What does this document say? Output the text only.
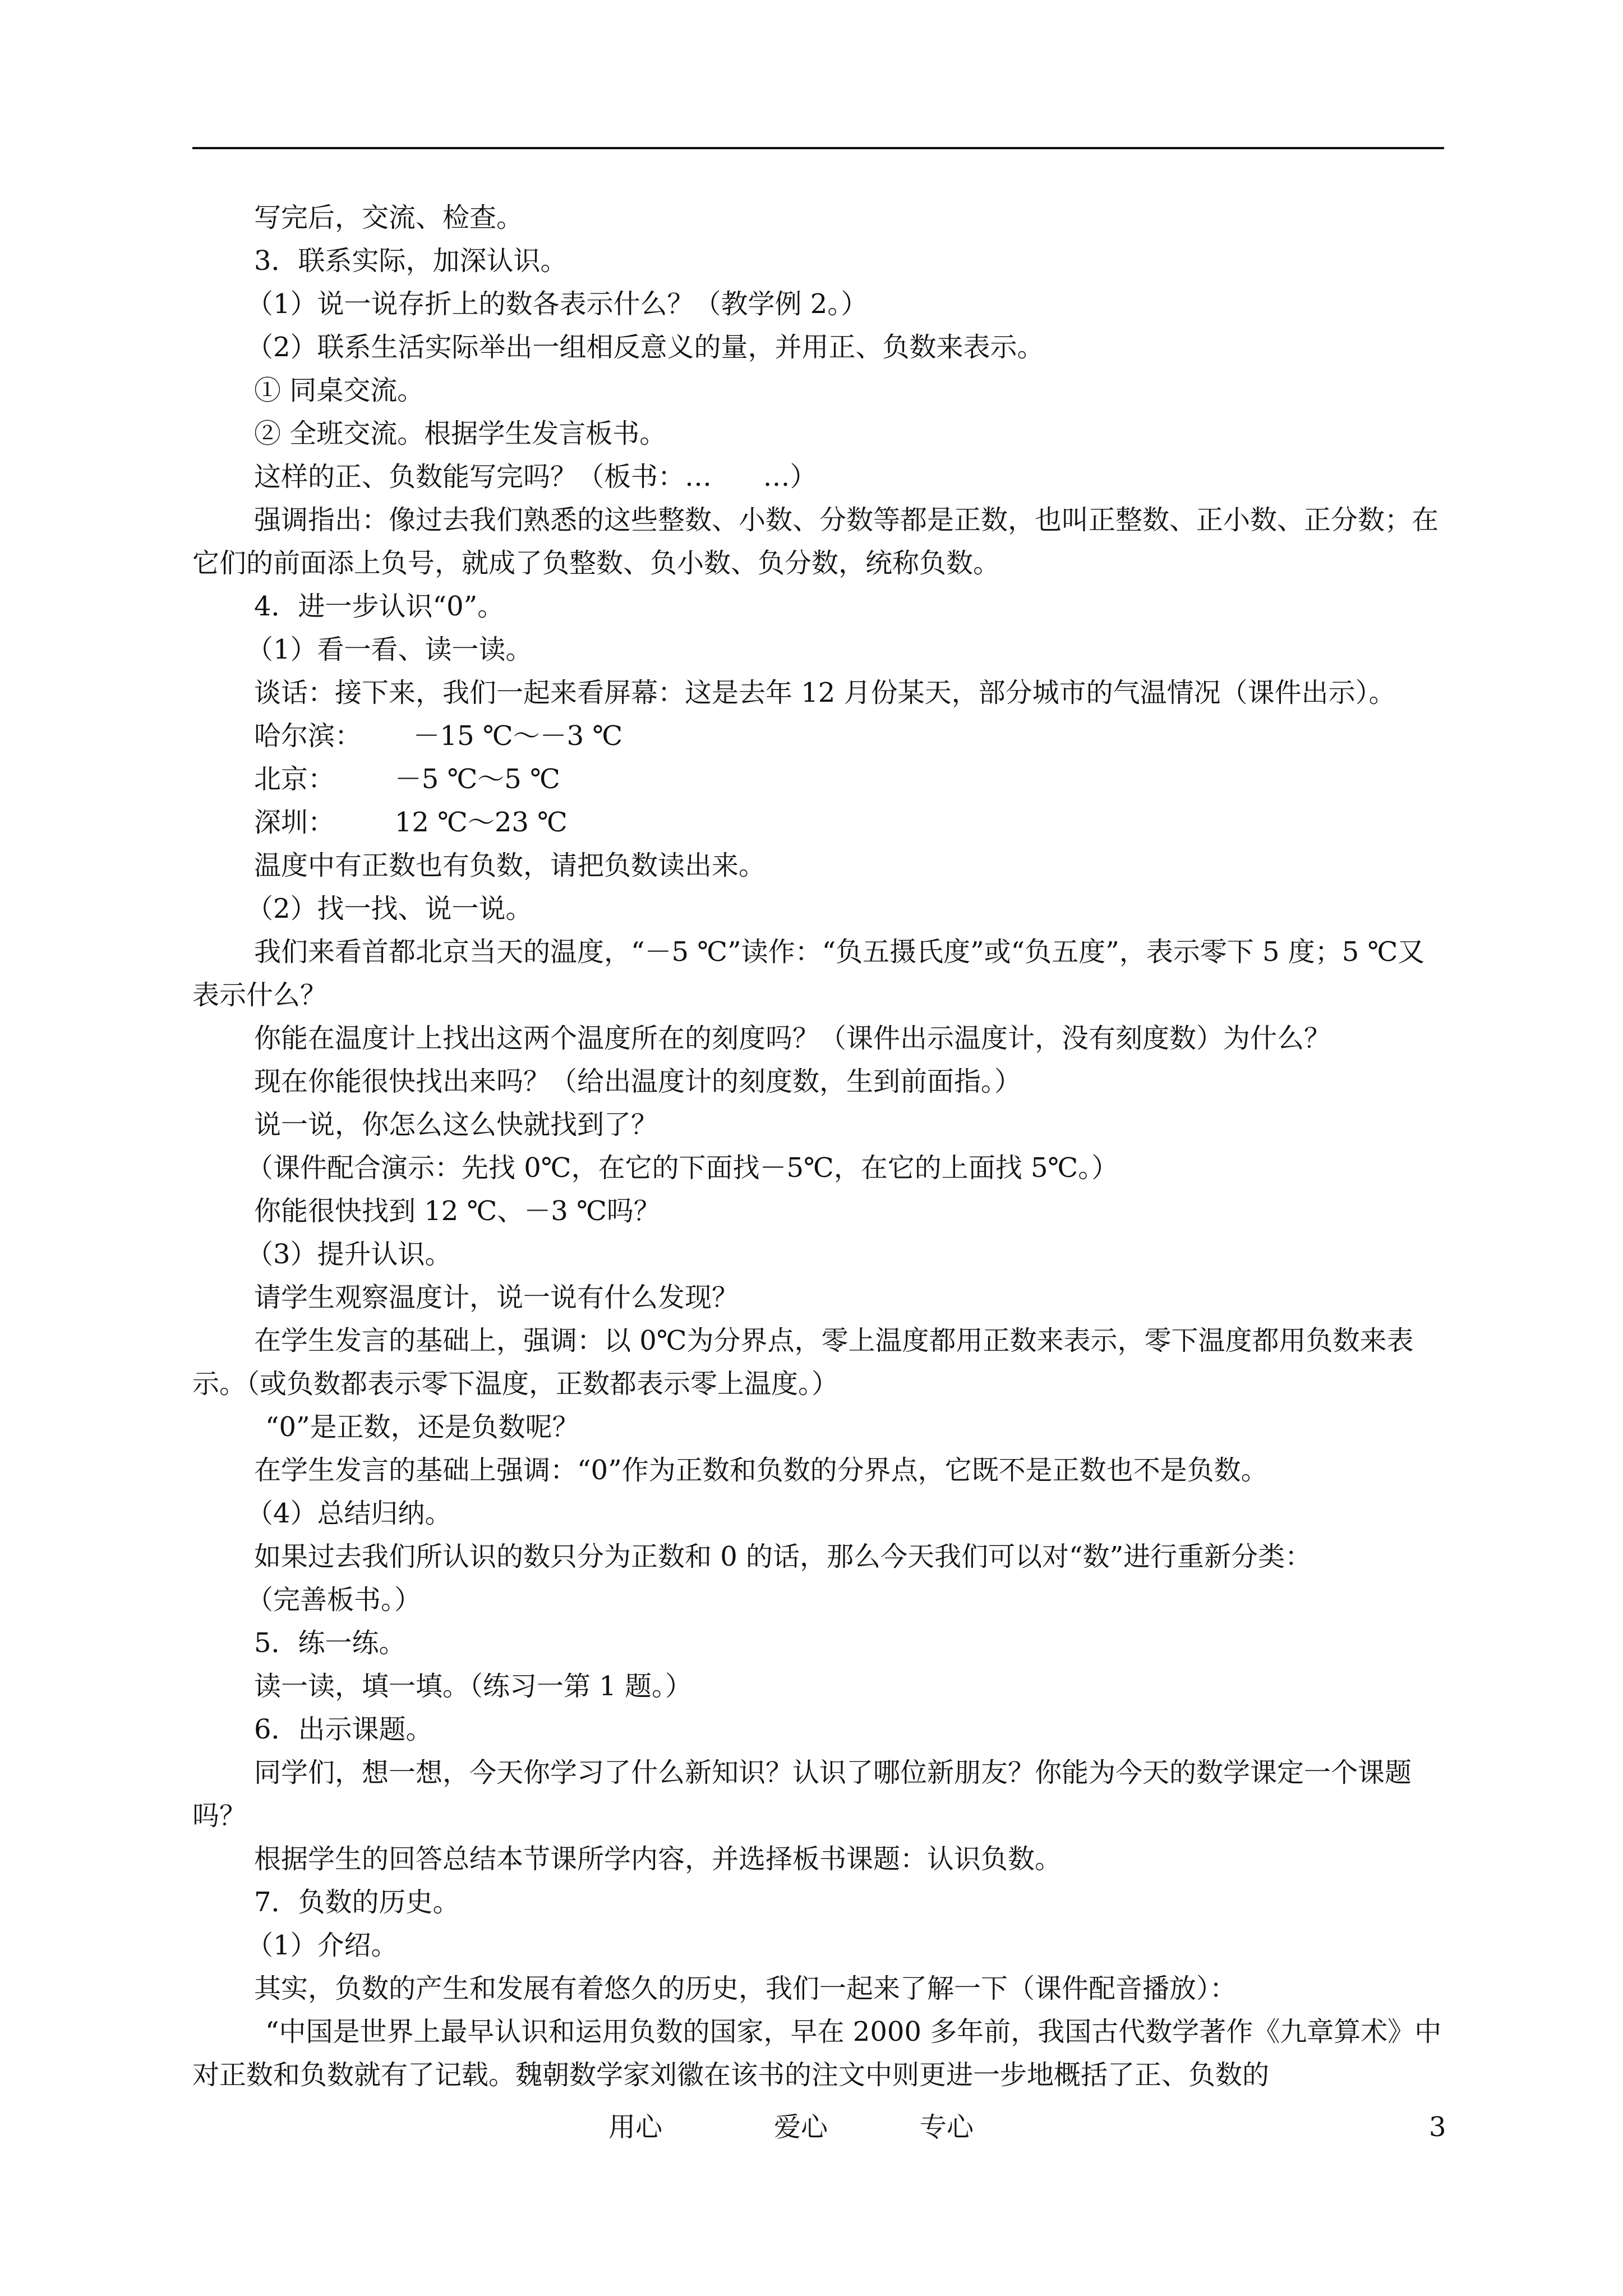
写完后，交流、检查。

3．联系实际，加深认识。

（1）说一说存折上的数各表示什么？（教学例 2。）

（2）联系生活实际举出一组相反意义的量，并用正、负数来表示。

① 同桌交流。

② 全班交流。根据学生发言板书。

这样的正、负数能写完吗？（板书：…      …）

强调指出：像过去我们熟悉的这些整数、小数、分数等都是正数，也叫正整数、正小数、正分数；在它们的前面添上负号，就成了负整数、负小数、负分数，统称负数。

4．进一步认识“0”。

（1）看一看、读一读。

谈话：接下来，我们一起来看屏幕：这是去年 12 月份某天，部分城市的气温情况（课件出示）。

哈尔滨：      －15 ℃～－3 ℃

北京：       －5 ℃～5 ℃

深圳：       12 ℃～23 ℃

温度中有正数也有负数，请把负数读出来。

（2）找一找、说一说。

我们来看首都北京当天的温度，“－5 ℃”读作：“负五摄氏度”或“负五度”，表示零下 5 度；5 ℃又表示什么？

你能在温度计上找出这两个温度所在的刻度吗？（课件出示温度计，没有刻度数）为什么？

现在你能很快找出来吗？（给出温度计的刻度数，生到前面指。）

说一说，你怎么这么快就找到了？

（课件配合演示：先找 0℃，在它的下面找－5℃，在它的上面找 5℃。）

你能很快找到 12 ℃、－3 ℃吗？

（3）提升认识。

请学生观察温度计，说一说有什么发现？

在学生发言的基础上，强调：以 0℃为分界点，零上温度都用正数来表示，零下温度都用负数来表示。（或负数都表示零下温度，正数都表示零上温度。）

“0”是正数，还是负数呢？

在学生发言的基础上强调：“0”作为正数和负数的分界点，它既不是正数也不是负数。

（4）总结归纳。

如果过去我们所认识的数只分为正数和 0 的话，那么今天我们可以对“数”进行重新分类：

（完善板书。）

5．练一练。

读一读，填一填。（练习一第 1 题。）

6．出示课题。

同学们，想一想，今天你学习了什么新知识？认识了哪位新朋友？你能为今天的数学课定一个课题吗？

根据学生的回答总结本节课所学内容，并选择板书课题：认识负数。

7．负数的历史。

（1）介绍。

其实，负数的产生和发展有着悠久的历史，我们一起来了解一下（课件配音播放）：

“中国是世界上最早认识和运用负数的国家，早在 2000 多年前，我国古代数学著作《九章算术》中对正数和负数就有了记载。魏朝数学家刘徽在该书的注文中则更进一步地概括了正、负数的

用心	爱心	专心	3
